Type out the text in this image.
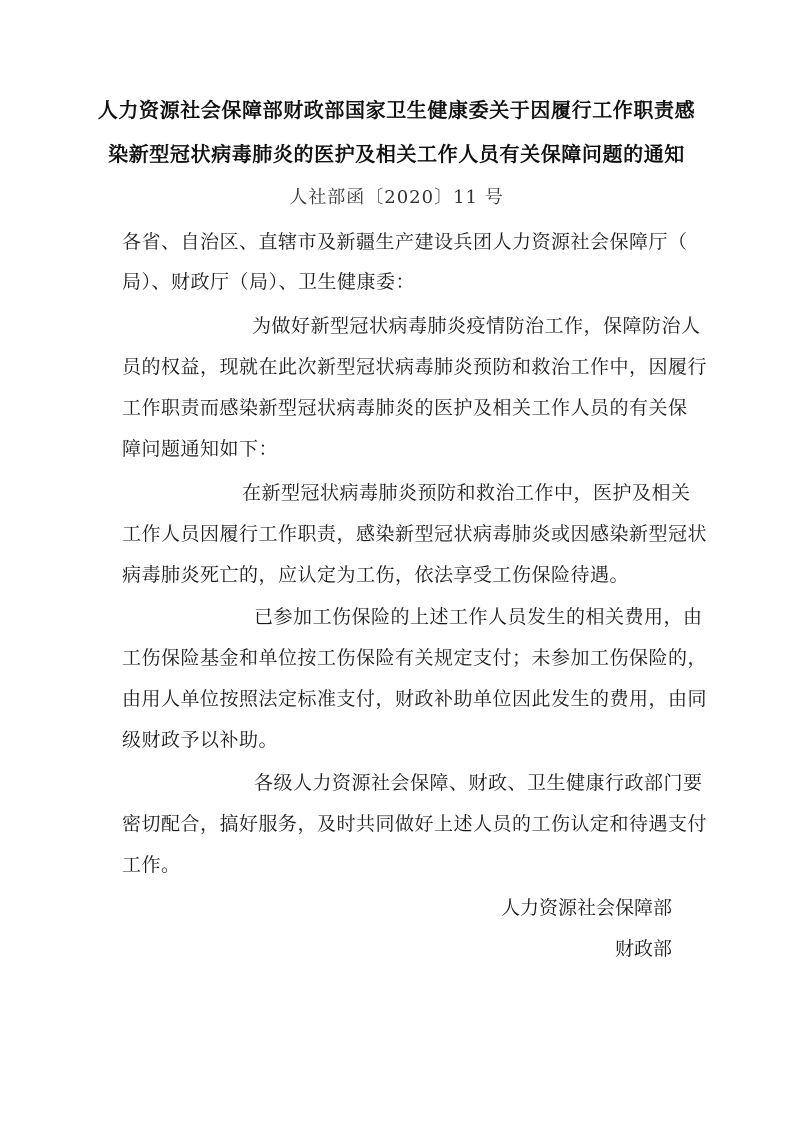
人力资源社会保障部财政部国家卫生健康委关于因履行工作职责感
染新型冠状病毒肺炎的医护及相关工作人员有关保障问题的通知
人社部函〔2020〕11 号
各省、自治区、直辖市及新疆生产建设兵团人力资源社会保障厅（
局）、财政厅（局）、卫生健康委：
为做好新型冠状病毒肺炎疫情防治工作，保障防治人
员的权益，现就在此次新型冠状病毒肺炎预防和救治工作中，因履行
工作职责而感染新型冠状病毒肺炎的医护及相关工作人员的有关保
障问题通知如下：
在新型冠状病毒肺炎预防和救治工作中，医护及相关
工作人员因履行工作职责，感染新型冠状病毒肺炎或因感染新型冠状
病毒肺炎死亡的，应认定为工伤，依法享受工伤保险待遇。
已参加工伤保险的上述工作人员发生的相关费用，由
工伤保险基金和单位按工伤保险有关规定支付；未参加工伤保险的，
由用人单位按照法定标准支付，财政补助单位因此发生的费用，由同
级财政予以补助。
各级人力资源社会保障、财政、卫生健康行政部门要
密切配合，搞好服务，及时共同做好上述人员的工伤认定和待遇支付
工作。
人力资源社会保障部
财政部
